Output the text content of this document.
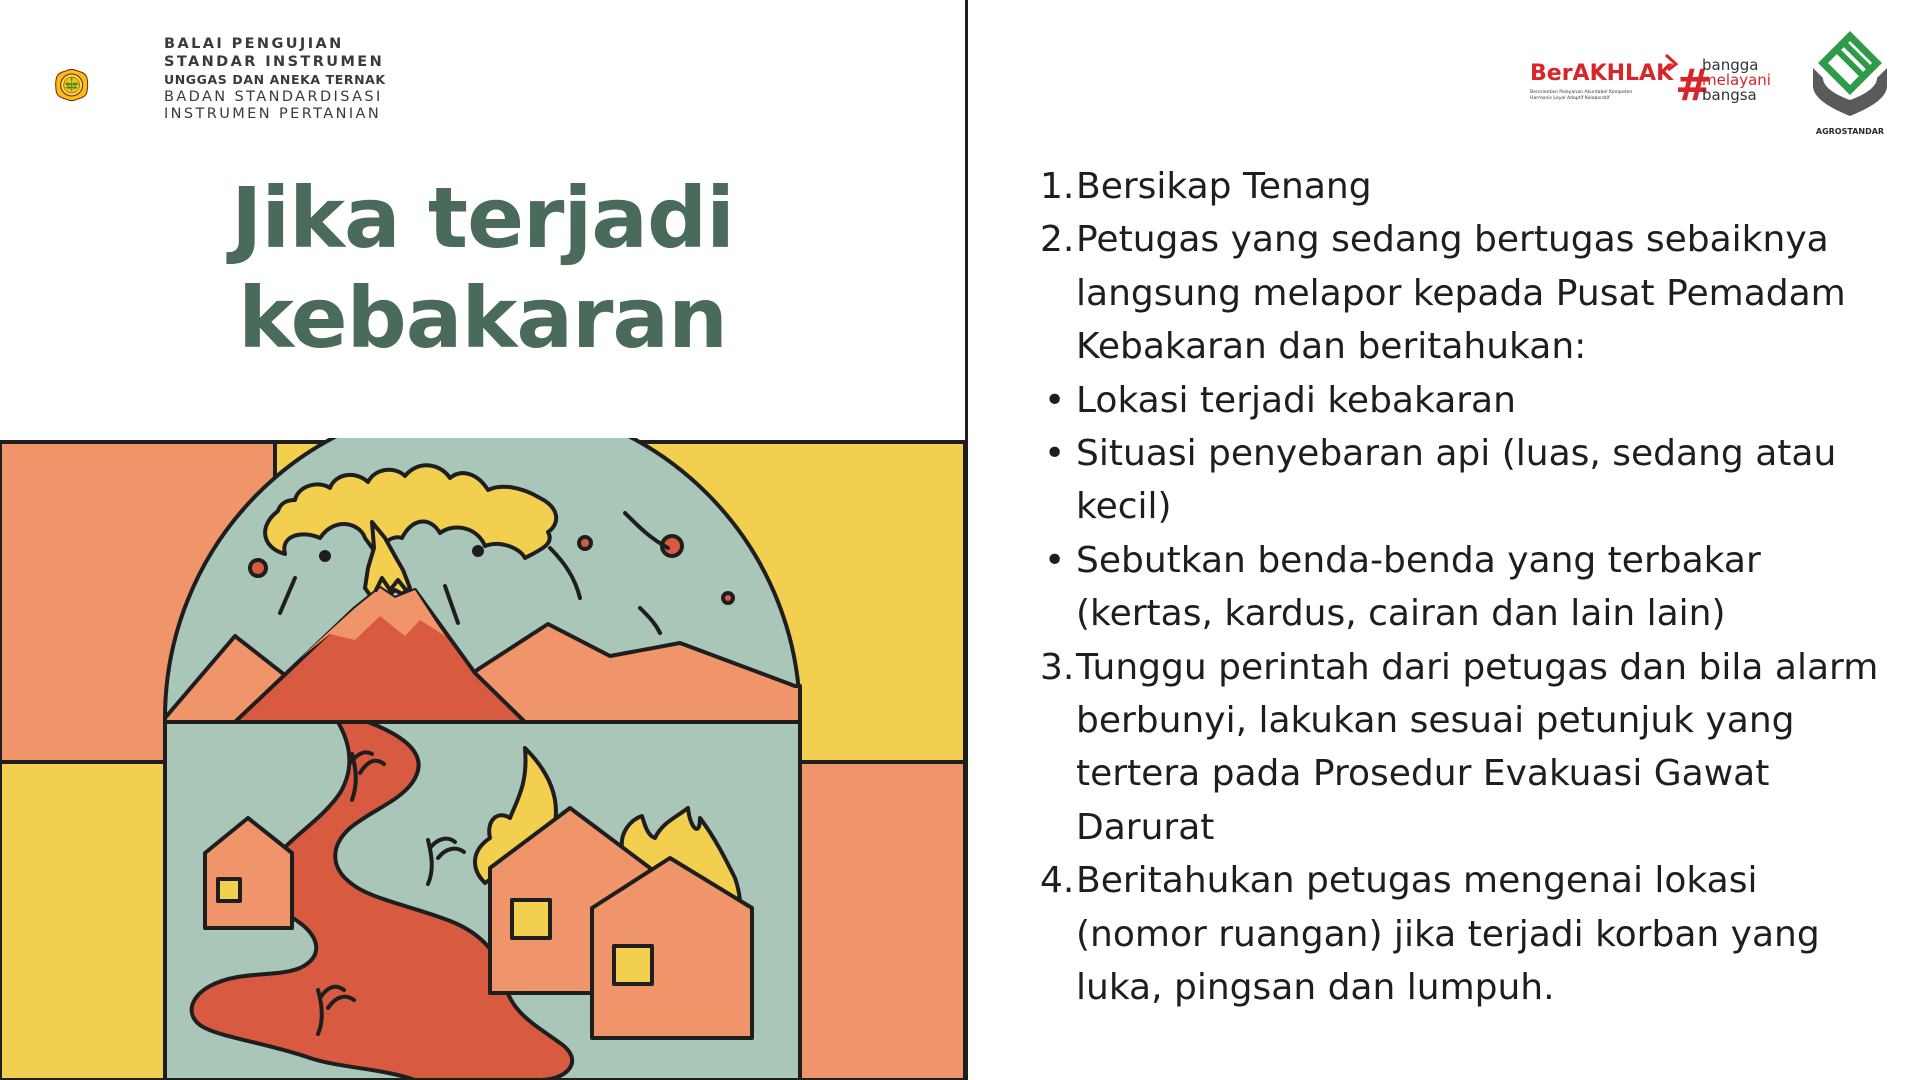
BALAI PENGUJIAN
STANDAR INSTRUMEN
UNGGAS DAN ANEKA TERNAK
BADAN STANDARDISASI
INSTRUMEN PERTANIAN
Jika terjadi
kebakaran
BerAKHLAK
Berorientasi Pelayanan Akuntabel Kompeten
Harmonis Loyal Adaptif Kolaboratif #
bangga
melayani
bangsa
AGROSTANDAR
1. Bersikap Tenang
2. Petugas yang sedang bertugas sebaiknya langsung melapor kepada Pusat Pemadam Kebakaran dan beritahukan:
• Lokasi terjadi kebakaran
• Situasi penyebaran api (luas, sedang atau kecil)
• Sebutkan benda-benda yang terbakar (kertas, kardus, cairan dan lain lain)
3. Tunggu perintah dari petugas dan bila alarm berbunyi, lakukan sesuai petunjuk yang tertera pada Prosedur Evakuasi Gawat Darurat
4. Beritahukan petugas mengenai lokasi (nomor ruangan) jika terjadi korban yang luka, pingsan dan lumpuh.
